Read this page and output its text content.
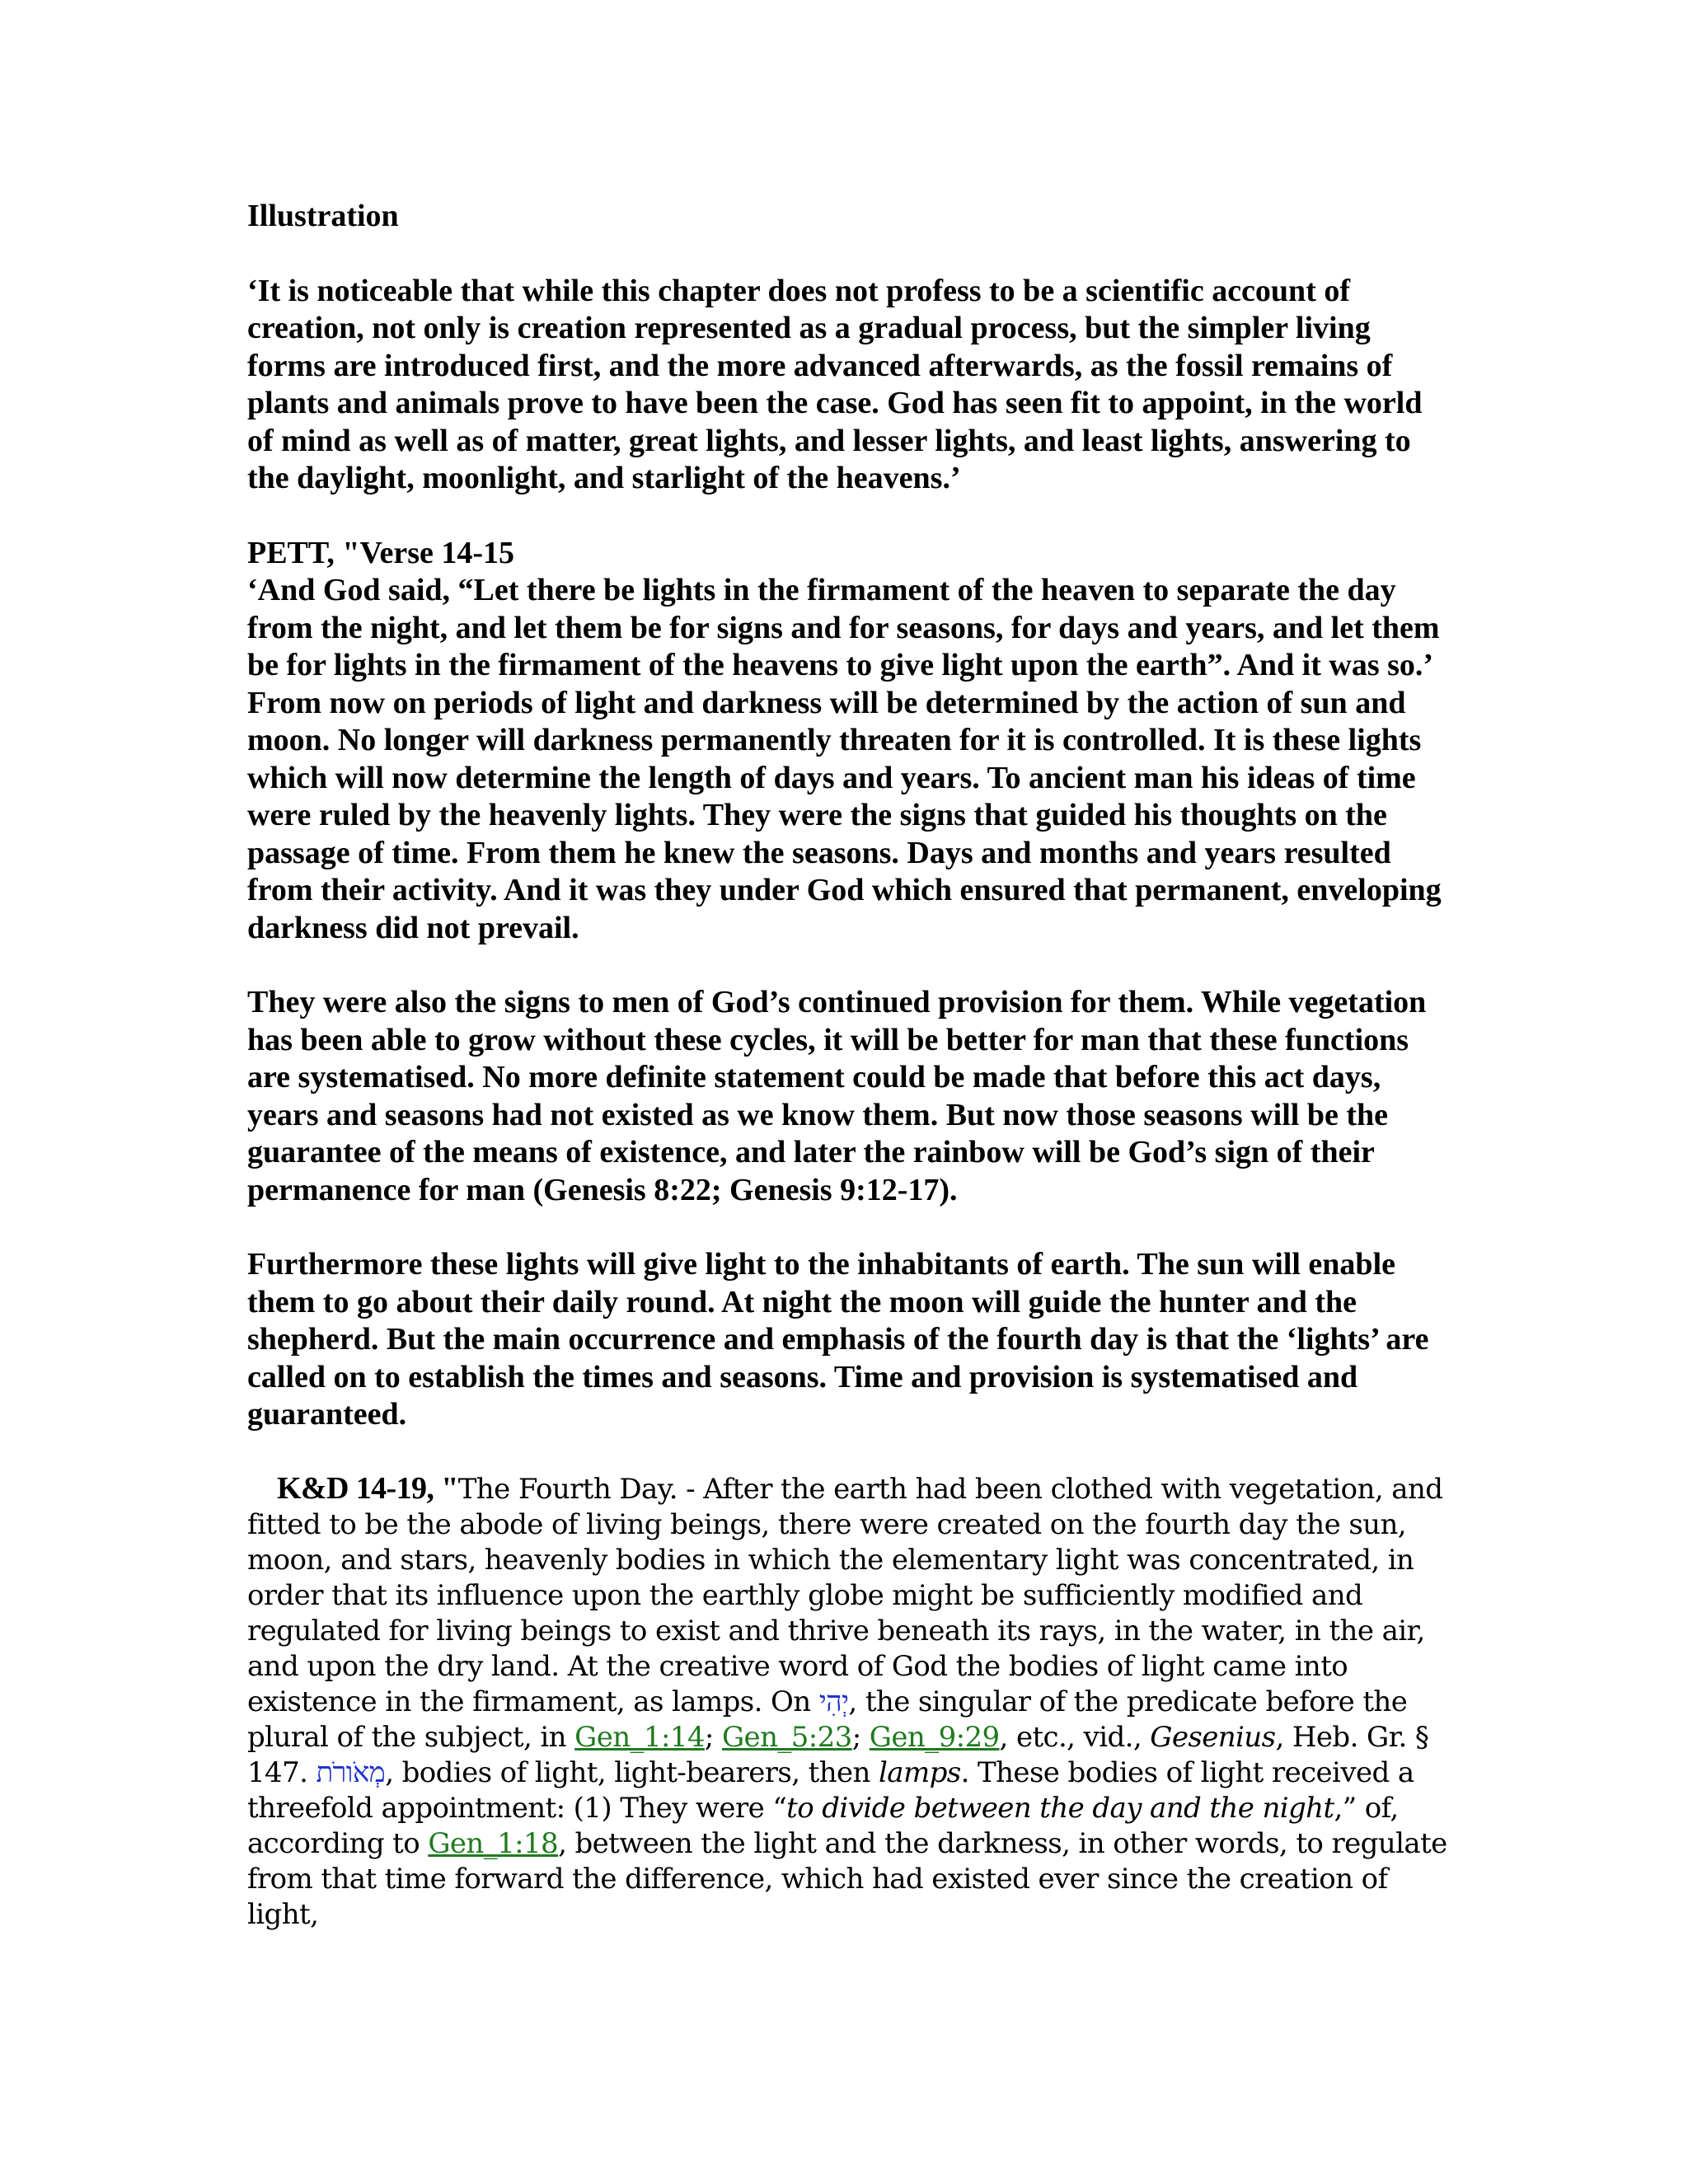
Illustration

‘It is noticeable that while this chapter does not profess to be a scientific account of creation, not only is creation represented as a gradual process, but the simpler living forms are introduced first, and the more advanced afterwards, as the fossil remains of plants and animals prove to have been the case. God has seen fit to appoint, in the world of mind as well as of matter, great lights, and lesser lights, and least lights, answering to the daylight, moonlight, and starlight of the heavens.’

PETT, "Verse 14-15

‘And God said, “Let there be lights in the firmament of the heaven to separate the day from the night, and let them be for signs and for seasons, for days and years, and let them be for lights in the firmament of the heavens to give light upon the earth”. And it was so.’

From now on periods of light and darkness will be determined by the action of sun and moon. No longer will darkness permanently threaten for it is controlled. It is these lights which will now determine the length of days and years. To ancient man his ideas of time were ruled by the heavenly lights. They were the signs that guided his thoughts on the passage of time. From them he knew the seasons. Days and months and years resulted from their activity. And it was they under God which ensured that permanent, enveloping darkness did not prevail.

They were also the signs to men of God’s continued provision for them. While vegetation has been able to grow without these cycles, it will be better for man that these functions are systematised. No more definite statement could be made that before this act days, years and seasons had not existed as we know them. But now those seasons will be the guarantee of the means of existence, and later the rainbow will be God’s sign of their permanence for man (Genesis 8:22; Genesis 9:12-17).

Furthermore these lights will give light to the inhabitants of earth. The sun will enable them to go about their daily round. At night the moon will guide the hunter and the shepherd. But the main occurrence and emphasis of the fourth day is that the ‘lights’ are called on to establish the times and seasons. Time and provision is systematised and guaranteed.

K&D 14-19, "The Fourth Day. - After the earth had been clothed with vegetation, and fitted to be the abode of living beings, there were created on the fourth day the sun, moon, and stars, heavenly bodies in which the elementary light was concentrated, in order that its influence upon the earthly globe might be sufficiently modified and regulated for living beings to exist and thrive beneath its rays, in the water, in the air, and upon the dry land. At the creative word of God the bodies of light came into existence in the firmament, as lamps. On יְהִי, the singular of the predicate before the plural of the subject, in Gen_1:14; Gen_5:23; Gen_9:29, etc., vid., Gesenius, Heb. Gr. § 147. מְאֹורֹת, bodies of light, light-bearers, then lamps. These bodies of light received a threefold appointment: (1) They were “to divide between the day and the night,” of, according to Gen_1:18, between the light and the darkness, in other words, to regulate from that time forward the difference, which had existed ever since the creation of light,
